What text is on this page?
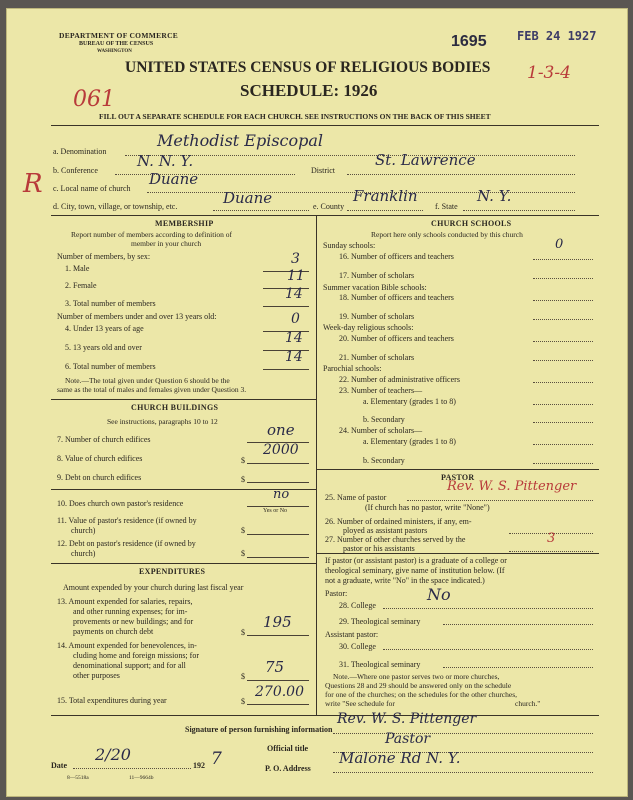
DEPARTMENT OF COMMERCE
BUREAU OF THE CENSUS
WASHINGTON
1695	FEB 24 1927
1-3-4
061
R
UNITED STATES CENSUS OF RELIGIOUS BODIES
SCHEDULE: 1926
FILL OUT A SEPARATE SCHEDULE FOR EACH CHURCH. SEE INSTRUCTIONS ON THE BACK OF THIS SHEET
a. Denomination
Methodist Episcopal
b. Conference
N. N. Y.
District
St. Lawrence
c. Local name of church
Duane
d. City, town, village, or township, etc.	Duane	e. County
Franklin
f. State
N. Y.
MEMBERSHIP
Report number of members according to definition of
member in your church
Number of members, by sex:
1. Male
3
2. Female
11
3. Total number of members
14
Number of members under and over 13 years old:
4. Under 13 years of age
0
5. 13 years old and over
14
6. Total number of members
14
Note.—The total given under Question 6 should be the
same as the total of males and females given under Question 3.
CHURCH BUILDINGS
See instructions, paragraphs 10 to 12
7. Number of church edifices
one
8. Value of church edifices	$
2000
9. Debt on church edifices	$
10. Does church own pastor's residence
no
Yes or No
11. Value of pastor's residence (if owned by
church)	$
12. Debt on pastor's residence (if owned by
church)	$
EXPENDITURES
Amount expended by your church during last fiscal year
13. Amount expended for salaries, repairs,
and other running expenses; for im-
provements or new buildings; and for
payments on church debt	$
195
14. Amount expended for benevolences, in-
cluding home and foreign missions; for
denominational support; and for all
other purposes	$
75
15. Total expenditures during year	$
270.00
CHURCH SCHOOLS
Report here only schools conducted by this church
Sunday schools:
16. Number of officers and teachers
0
17. Number of scholars
Summer vacation Bible schools:
18. Number of officers and teachers
19. Number of scholars
Week-day religious schools:
20. Number of officers and teachers
21. Number of scholars
Parochial schools:
22. Number of administrative officers
23. Number of teachers—
a. Elementary (grades 1 to 8)
b. Secondary
24. Number of scholars—
a. Elementary (grades 1 to 8)
b. Secondary
PASTOR
25. Name of pastor
Rev. W. S. Pittenger
(If church has no pastor, write "None")
26. Number of ordained ministers, if any, em-
ployed as assistant pastors
27. Number of other churches served by the
pastor or his assistants
3
If pastor (or assistant pastor) is a graduate of a college or
theological seminary, give name of institution below. (If
not a graduate, write "No" in the space indicated.)
Pastor:
28. College
No
29. Theological seminary
Assistant pastor:
30. College
31. Theological seminary
Note.—Where one pastor serves two or more churches,
Questions 28 and 29 should be answered only on the schedule
for one of the churches; on the schedules for the other churches,
write "See schedule for	church."
Signature of person furnishing information
Rev. W. S. Pittenger
Official title
Pastor
Date
2/20
192 7	P. O. Address
Malone Rd N. Y.
8—5518a	11—9664b
